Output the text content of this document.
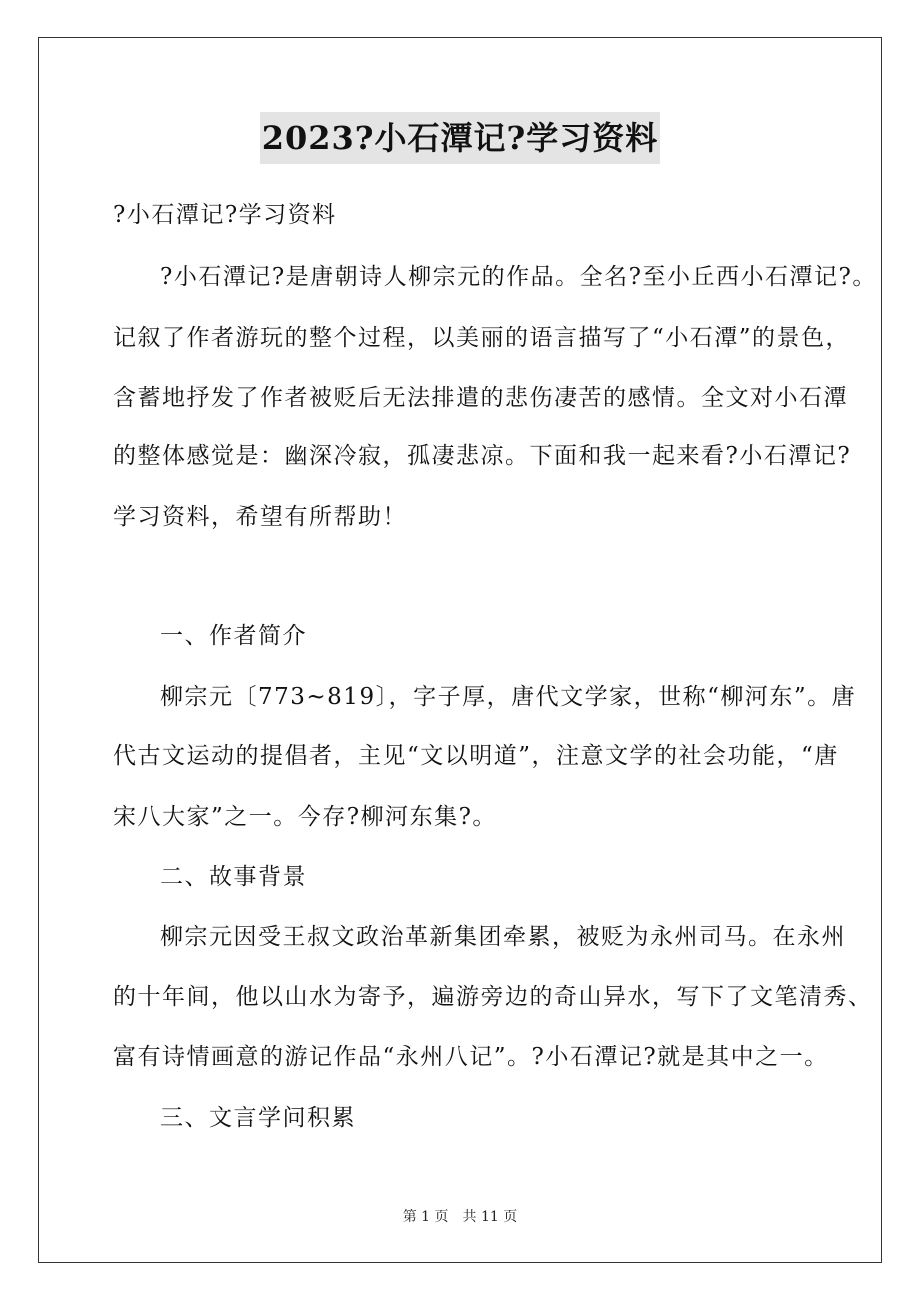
2023?小石潭记?学习资料
?小石潭记?学习资料
?小石潭记?是唐朝诗人柳宗元的作品。全名?至小丘西小石潭记?。
记叙了作者游玩的整个过程，以美丽的语言描写了“小石潭”的景色，
含蓄地抒发了作者被贬后无法排遣的悲伤凄苦的感情。全文对小石潭
的整体感觉是：幽深冷寂，孤凄悲凉。下面和我一起来看?小石潭记?
学习资料，希望有所帮助！
一、作者简介
柳宗元〔773~819〕，字子厚，唐代文学家，世称“柳河东”。唐
代古文运动的提倡者，主见“文以明道”，注意文学的社会功能，“唐
宋八大家”之一。今存?柳河东集?。
二、故事背景
柳宗元因受王叔文政治革新集团牵累，被贬为永州司马。在永州
的十年间，他以山水为寄予，遍游旁边的奇山异水，写下了文笔清秀、
富有诗情画意的游记作品“永州八记”。?小石潭记?就是其中之一。
三、文言学问积累
第 1 页　共 11 页
